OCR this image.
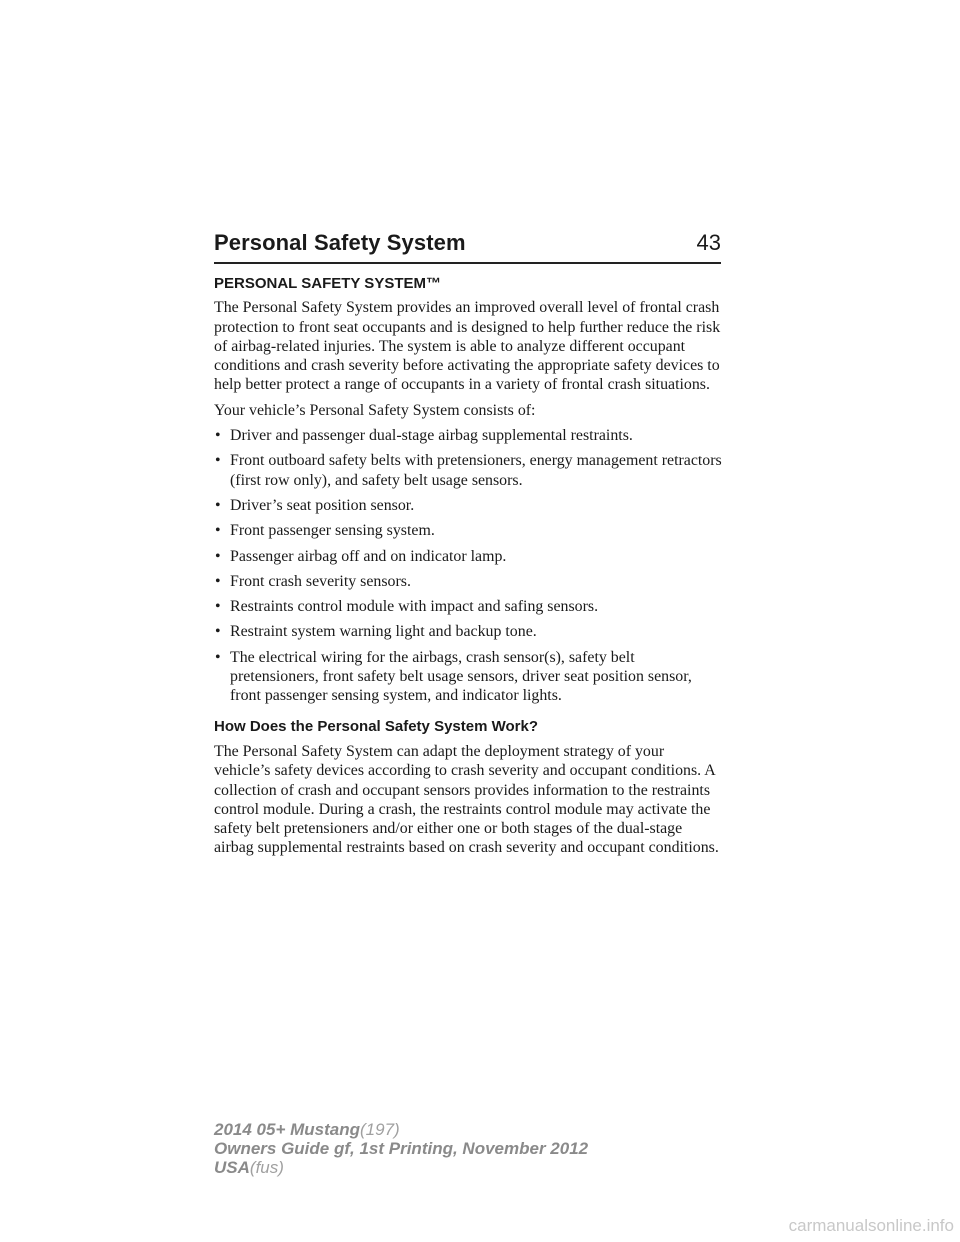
Personal Safety System	43
PERSONAL SAFETY SYSTEM™

The Personal Safety System provides an improved overall level of frontal crash protection to front seat occupants and is designed to help further reduce the risk of airbag-related injuries. The system is able to analyze different occupant conditions and crash severity before activating the appropriate safety devices to help better protect a range of occupants in a variety of frontal crash situations.

Your vehicle’s Personal Safety System consists of:

• Driver and passenger dual-stage airbag supplemental restraints.
• Front outboard safety belts with pretensioners, energy management retractors (first row only), and safety belt usage sensors.
• Driver’s seat position sensor.
• Front passenger sensing system.
• Passenger airbag off and on indicator lamp.
• Front crash severity sensors.
• Restraints control module with impact and safing sensors.
• Restraint system warning light and backup tone.
• The electrical wiring for the airbags, crash sensor(s), safety belt pretensioners, front safety belt usage sensors, driver seat position sensor, front passenger sensing system, and indicator lights.
How Does the Personal Safety System Work?

The Personal Safety System can adapt the deployment strategy of your vehicle’s safety devices according to crash severity and occupant conditions. A collection of crash and occupant sensors provides information to the restraints control module. During a crash, the restraints control module may activate the safety belt pretensioners and/or either one or both stages of the dual-stage airbag supplemental restraints based on crash severity and occupant conditions.

2014 05+ Mustang(197)
Owners Guide gf, 1st Printing, November 2012
USA(fus)
carmanualsonline.info
